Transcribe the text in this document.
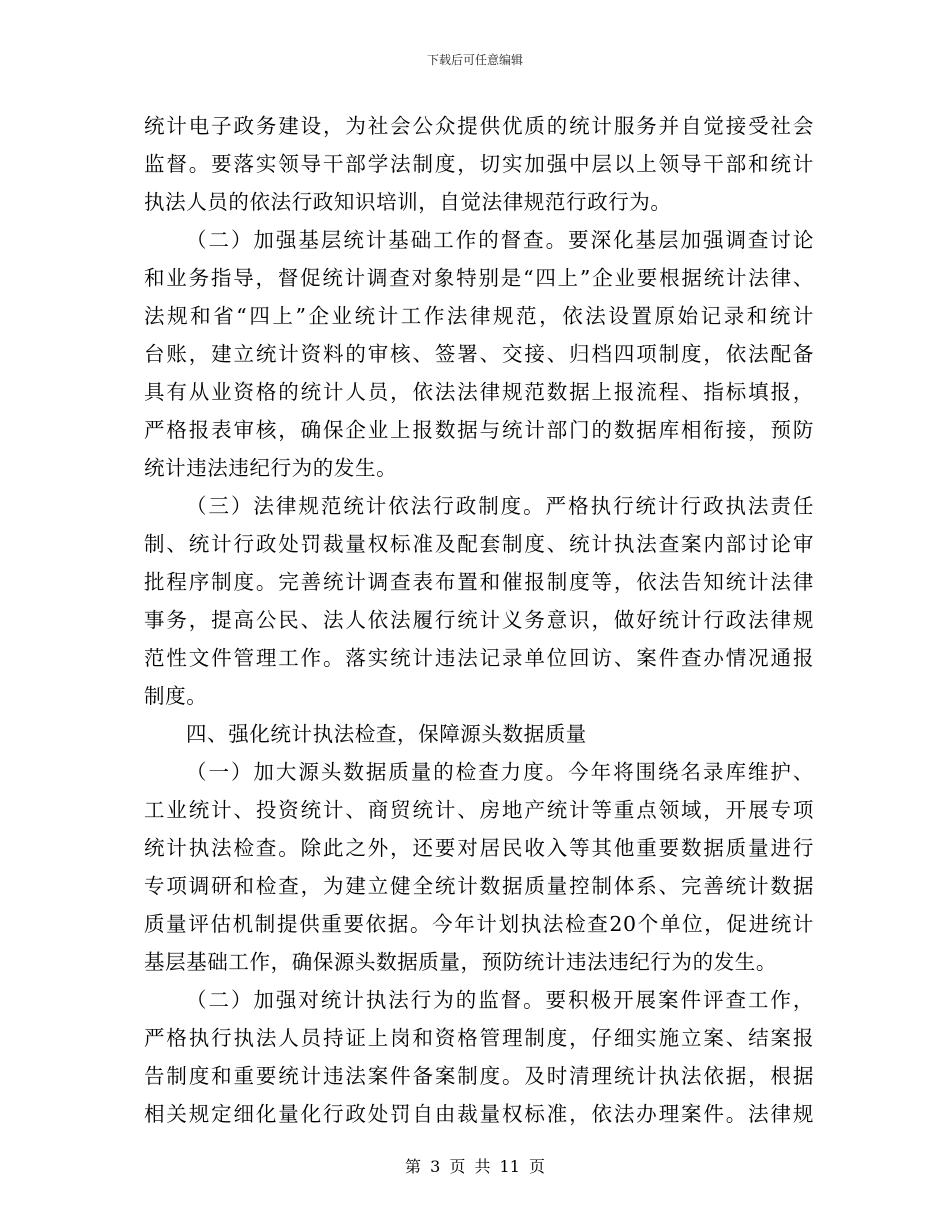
下载后可任意编辑
统计电子政务建设，为社会公众提供优质的统计服务并自觉接受社会
监督。要落实领导干部学法制度，切实加强中层以上领导干部和统计
执法人员的依法行政知识培训，自觉法律规范行政行为。
（二）加强基层统计基础工作的督查。要深化基层加强调查讨论
和业务指导，督促统计调查对象特别是“四上”企业要根据统计法律、
法规和省“四上”企业统计工作法律规范，依法设置原始记录和统计
台账，建立统计资料的审核、签署、交接、归档四项制度，依法配备
具有从业资格的统计人员，依法法律规范数据上报流程、指标填报，
严格报表审核，确保企业上报数据与统计部门的数据库相衔接，预防
统计违法违纪行为的发生。
（三）法律规范统计依法行政制度。严格执行统计行政执法责任
制、统计行政处罚裁量权标准及配套制度、统计执法查案内部讨论审
批程序制度。完善统计调查表布置和催报制度等，依法告知统计法律
事务，提高公民、法人依法履行统计义务意识，做好统计行政法律规
范性文件管理工作。落实统计违法记录单位回访、案件查办情况通报
制度。
四、强化统计执法检查，保障源头数据质量
（一）加大源头数据质量的检查力度。今年将围绕名录库维护、
工业统计、投资统计、商贸统计、房地产统计等重点领域，开展专项
统计执法检查。除此之外，还要对居民收入等其他重要数据质量进行
专项调研和检查，为建立健全统计数据质量控制体系、完善统计数据
质量评估机制提供重要依据。今年计划执法检查20个单位，促进统计
基层基础工作，确保源头数据质量，预防统计违法违纪行为的发生。
（二）加强对统计执法行为的监督。要积极开展案件评查工作，
严格执行执法人员持证上岗和资格管理制度，仔细实施立案、结案报
告制度和重要统计违法案件备案制度。及时清理统计执法依据，根据
相关规定细化量化行政处罚自由裁量权标准，依法办理案件。法律规
第 3 页 共 11 页
